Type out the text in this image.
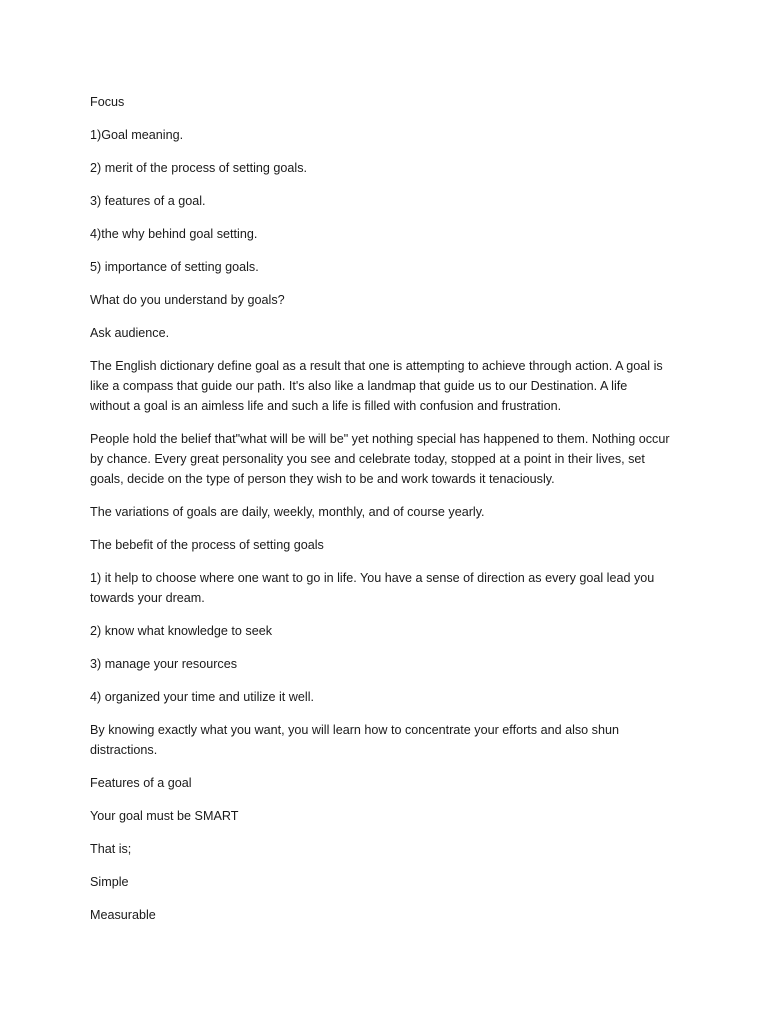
Focus

1)Goal meaning.

2) merit of the process of setting goals.

3) features of a goal.

4)the why behind goal setting.

5) importance of setting goals.

What do you understand by goals?

Ask audience.

The English dictionary define goal as a result that one is attempting to achieve through action. A goal is like a compass that guide our path. It's also like a landmap that guide us to our Destination. A life without a goal is an aimless life and such a life is filled with confusion and frustration.

People hold the belief that"what will be will be" yet nothing special has happened to them. Nothing occur by chance. Every great personality you see and celebrate today, stopped at a point in their lives, set goals, decide on the type of person they wish to be and work towards it tenaciously.

The variations of goals are daily, weekly, monthly, and of course yearly.

The bebefit of the process of setting goals

1) it help to choose where one want to go in life. You have a sense of direction as every goal lead you towards your dream.

2) know what knowledge to seek

3) manage your resources

4) organized your time and utilize it well.

By knowing exactly what you want, you will learn how to concentrate your efforts and also shun distractions.

Features of a goal

Your goal must be SMART

That is;

Simple

Measurable
